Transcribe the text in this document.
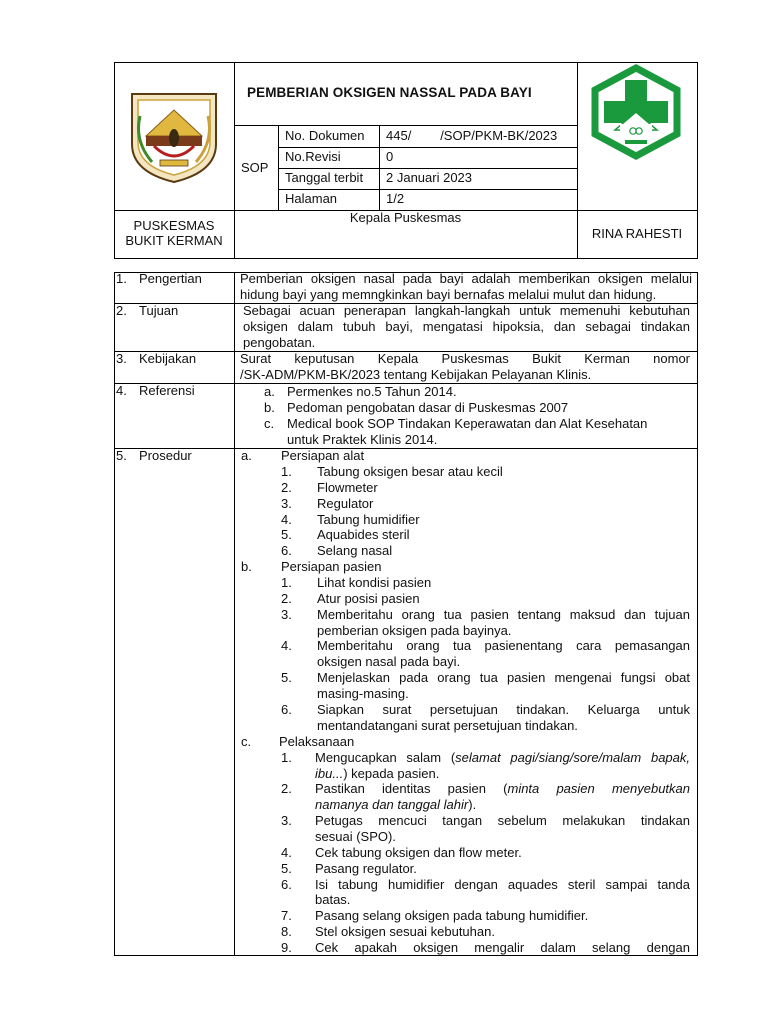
PEMBERIAN OKSIGEN NASSAL PADA BAYI
SOP
No. Dokumen 445/        /SOP/PKM-BK/2023
No.Revisi	0
Tanggal terbit 2 Januari 2023
Halaman	1/2
PUSKESMAS
BUKIT KERMAN
Kepala Puskesmas
RINA RAHESTI
1. Pengertian	Pemberian oksigen nasal pada bayi adalah memberikan oksigen melalui
hidung bayi yang memngkinkan bayi bernafas melalui mulut dan hidung.
2. Tujuan	Sebagai acuan penerapan langkah-langkah untuk memenuhi kebutuhan
oksigen dalam tubuh bayi, mengatasi hipoksia, dan sebagai tindakan
pengobatan.
3. Kebijakan	Surat keputusan Kepala Puskesmas Bukit Kerman nomor
/SK-ADM/PKM-BK/2023 tentang Kebijakan Pelayanan Klinis.
4. Referensi	a. Permenkes no.5 Tahun 2014.
b. Pedoman pengobatan dasar di Puskesmas 2007
c. Medical book SOP Tindakan Keperawatan dan Alat Kesehatan
untuk Praktek Klinis 2014.
5. Prosedur	a. Persiapan alat
1. Tabung oksigen besar atau kecil
2. Flowmeter
3. Regulator
4. Tabung humidifier
5. Aquabides steril
6. Selang nasal
b. Persiapan pasien
1. Lihat kondisi pasien
2. Atur posisi pasien
3. Memberitahu orang tua pasien tentang maksud dan tujuan
pemberian oksigen pada bayinya.
4. Memberitahu orang tua pasienentang cara pemasangan
oksigen nasal pada bayi.
5. Menjelaskan pada orang tua pasien mengenai fungsi obat
masing-masing.
6. Siapkan surat persetujuan tindakan. Keluarga untuk
mentandatangani surat persetujuan tindakan.
c. Pelaksanaan
1. Mengucapkan salam (selamat pagi/siang/sore/malam bapak,
ibu...) kepada pasien.
2. Pastikan identitas pasien (minta pasien menyebutkan
namanya dan tanggal lahir).
3. Petugas mencuci tangan sebelum melakukan tindakan
sesuai (SPO).
4. Cek tabung oksigen dan flow meter.
5. Pasang regulator.
6. Isi tabung humidifier dengan aquades steril sampai tanda
batas.
7. Pasang selang oksigen pada tabung humidifier.
8. Stel oksigen sesuai kebutuhan.
9. Cek apakah oksigen mengalir dalam selang dengan
